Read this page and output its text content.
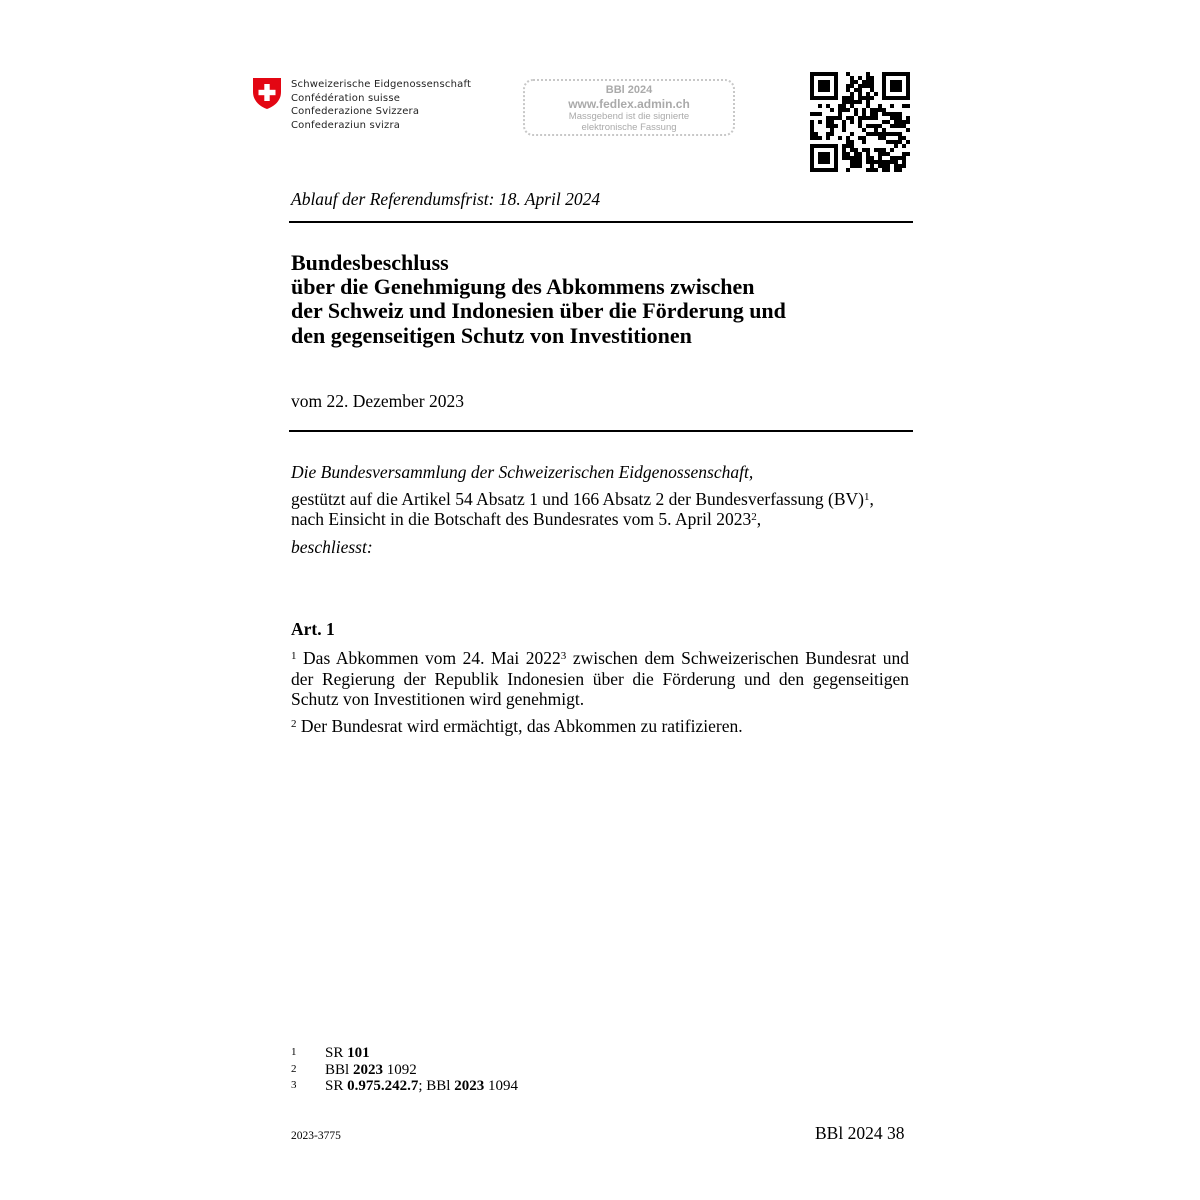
Schweizerische Eidgenossenschaft
Confédération suisse
Confederazione Svizzera
Confederaziun svizra
BBl 2024
www.fedlex.admin.ch
Massgebend ist die signierte
elektronische Fassung
Ablauf der Referendumsfrist: 18. April 2024
Bundesbeschluss
über die Genehmigung des Abkommens zwischen
der Schweiz und Indonesien über die Förderung und
den gegenseitigen Schutz von Investitionen
vom 22. Dezember 2023
Die Bundesversammlung der Schweizerischen Eidgenossenschaft,
gestützt auf die Artikel 54 Absatz 1 und 166 Absatz 2 der Bundesverfassung (BV)$^1$,
nach Einsicht in die Botschaft des Bundesrates vom 5. April 2023$^2$,
beschliesst:
Art. 1
$^1$ Das Abkommen vom 24. Mai 2022$^3$ zwischen dem Schweizerischen Bundesrat und der Regierung der Republik Indonesien über die Förderung und den gegenseitigen Schutz von Investitionen wird genehmigt.
$^2$ Der Bundesrat wird ermächtigt, das Abkommen zu ratifizieren.
1	SR 101
2	BBl 2023 1092
3	SR 0.975.242.7; BBl 2023 1094
2023-3775	BBl 2024 38
